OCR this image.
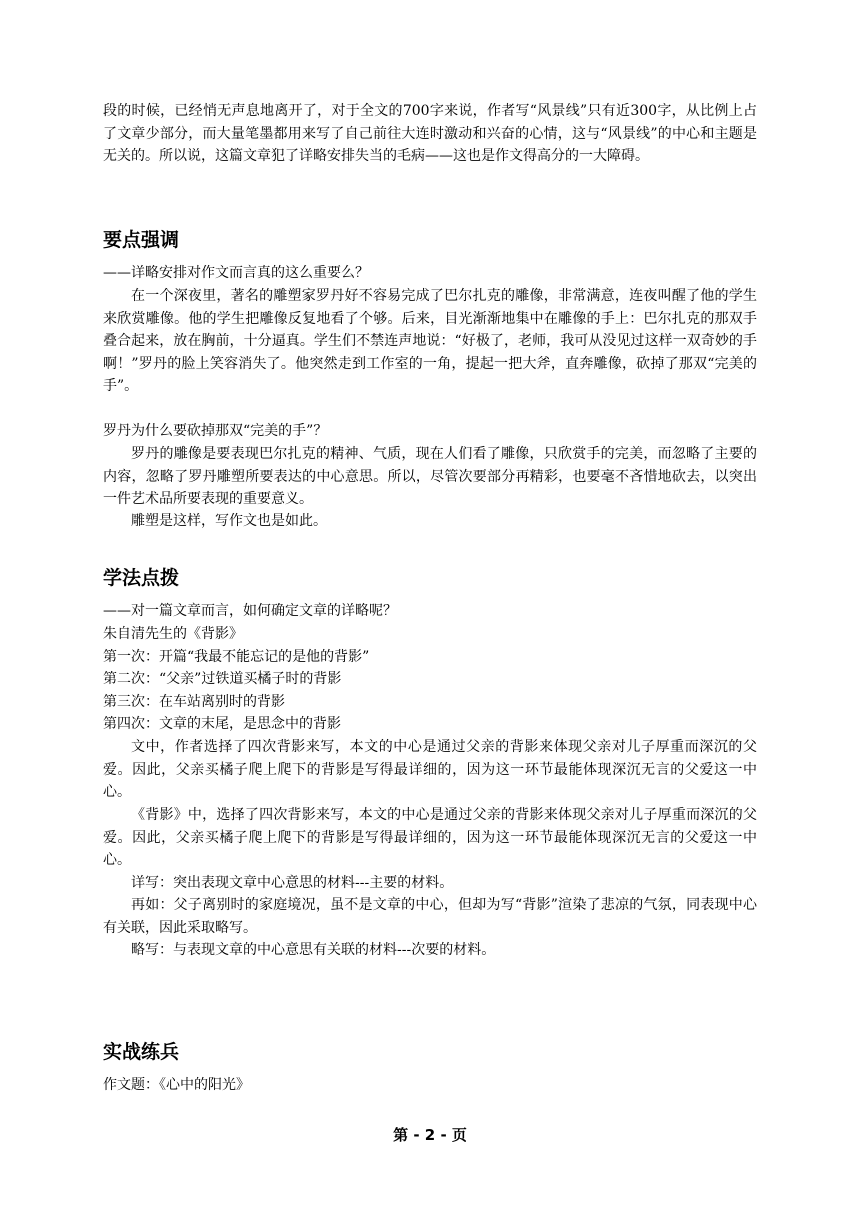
段的时候，已经悄无声息地离开了，对于全文的700字来说，作者写“风景线”只有近300字，从比例上占了文章少部分，而大量笔墨都用来写了自己前往大连时激动和兴奋的心情，这与“风景线”的中心和主题是无关的。所以说，这篇文章犯了详略安排失当的毛病——这也是作文得高分的一大障碍。

要点强调

——详略安排对作文而言真的这么重要么？

在一个深夜里，著名的雕塑家罗丹好不容易完成了巴尔扎克的雕像，非常满意，连夜叫醒了他的学生来欣赏雕像。他的学生把雕像反复地看了个够。后来，目光渐渐地集中在雕像的手上：巴尔扎克的那双手叠合起来，放在胸前，十分逼真。学生们不禁连声地说：“好极了，老师，我可从没见过这样一双奇妙的手啊！”罗丹的脸上笑容消失了。他突然走到工作室的一角，提起一把大斧，直奔雕像，砍掉了那双“完美的手”。

罗丹为什么要砍掉那双“完美的手”？

罗丹的雕像是要表现巴尔扎克的精神、气质，现在人们看了雕像，只欣赏手的完美，而忽略了主要的内容，忽略了罗丹雕塑所要表达的中心意思。所以，尽管次要部分再精彩，也要毫不吝惜地砍去，以突出一件艺术品所要表现的重要意义。

雕塑是这样，写作文也是如此。

学法点拨

——对一篇文章而言，如何确定文章的详略呢？

朱自清先生的《背影》

第一次：开篇“我最不能忘记的是他的背影”

第二次：“父亲”过铁道买橘子时的背影

第三次：在车站离别时的背影

第四次：文章的末尾，是思念中的背影

文中，作者选择了四次背影来写，本文的中心是通过父亲的背影来体现父亲对儿子厚重而深沉的父爱。因此，父亲买橘子爬上爬下的背影是写得最详细的，因为这一环节最能体现深沉无言的父爱这一中心。

《背影》中，选择了四次背影来写，本文的中心是通过父亲的背影来体现父亲对儿子厚重而深沉的父爱。因此，父亲买橘子爬上爬下的背影是写得最详细的，因为这一环节最能体现深沉无言的父爱这一中心。

详写：突出表现文章中心意思的材料---主要的材料。

再如：父子离别时的家庭境况，虽不是文章的中心，但却为写“背影”渲染了悲凉的气氛，同表现中心有关联，因此采取略写。

略写：与表现文章的中心意思有关联的材料---次要的材料。

实战练兵

作文题：《心中的阳光》

第 - 2 - 页
